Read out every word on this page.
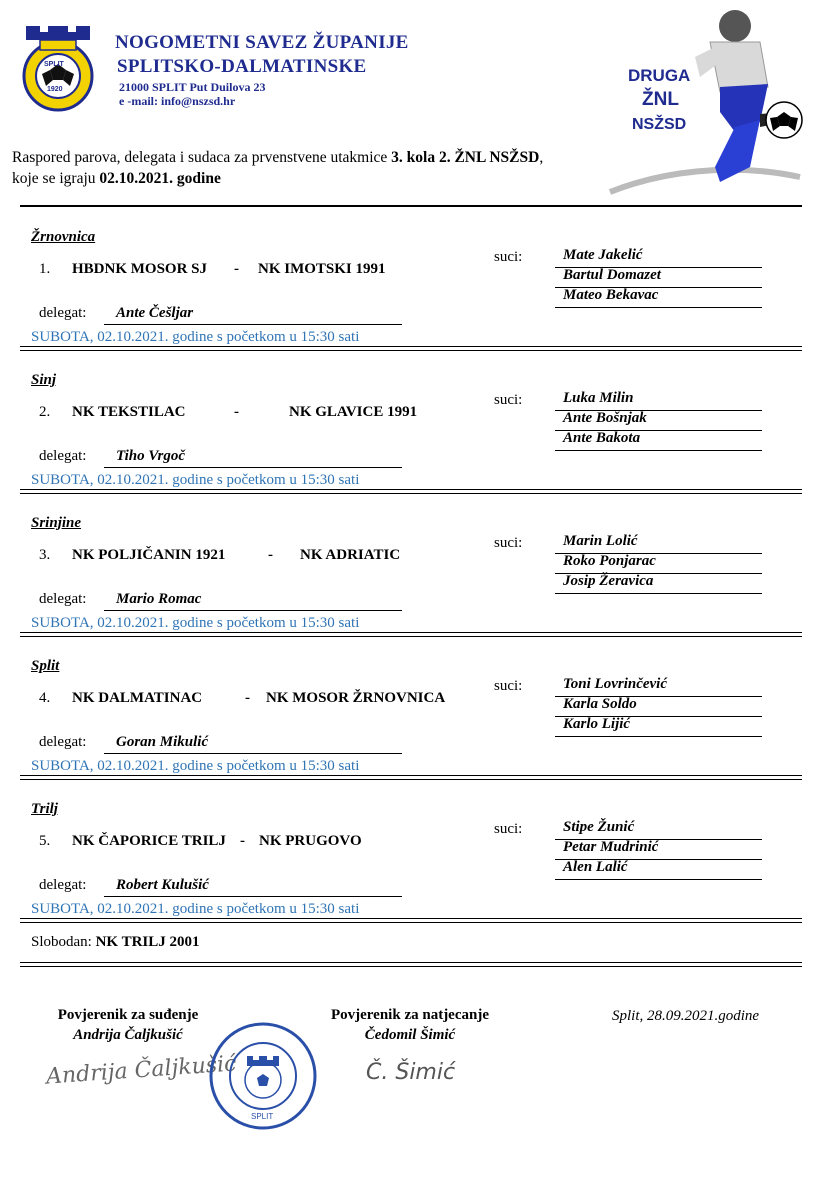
SPLIT
1920
NOGOMETNI SAVEZ ŽUPANIJE
SPLITSKO-DALMATINSKE
21000 SPLIT Put Duilova 23
e -mail: info@nszsd.hr
DRUGA
ŽNL
NSŽSD
Raspored parova, delegata i sudaca za prvenstvene utakmice 3. kola 2. ŽNL NSŽSD,
koje se igraju 02.10.2021. godine
Žrnovnica
1. HBDNK MOSOR SJ - NK IMOTSKI 1991
suci:	Mate Jakelić
Bartul Domazet
Mateo Bekavac
delegat: Ante Češljar
SUBOTA, 02.10.2021. godine s početkom u 15:30 sati
Sinj
2. NK TEKSTILAC	-	NK GLAVICE 1991
suci:	Luka Milin
Ante Bošnjak
Ante Bakota
delegat: Tiho Vrgoč
SUBOTA, 02.10.2021. godine s početkom u 15:30 sati
Srinjine
3. NK POLJIČANIN 1921	- NK ADRIATIC
suci:	Marin Lolić
Roko Ponjarac
Josip Žeravica
delegat: Mario Romac
SUBOTA, 02.10.2021. godine s početkom u 15:30 sati
Split
4. NK DALMATINAC	- NK MOSOR ŽRNOVNICA
suci:	Toni Lovrinčević
Karla Soldo
Karlo Lijić
delegat: Goran Mikulić
SUBOTA, 02.10.2021. godine s početkom u 15:30 sati
Trilj
5. NK ČAPORICE TRILJ - NK PRUGOVO
suci:	Stipe Žunić
Petar Mudrinić
Alen Lalić
delegat: Robert Kulušić
SUBOTA, 02.10.2021. godine s početkom u 15:30 sati
Slobodan: NK TRILJ 2001
Povjerenik za suđenje
Andrija Čaljkušić
Andrija Čaljkušić
Povjerenik za natjecanje
Čedomil Šimić
Č. Šimić
Split, 28.09.2021.godine
SPLIT
